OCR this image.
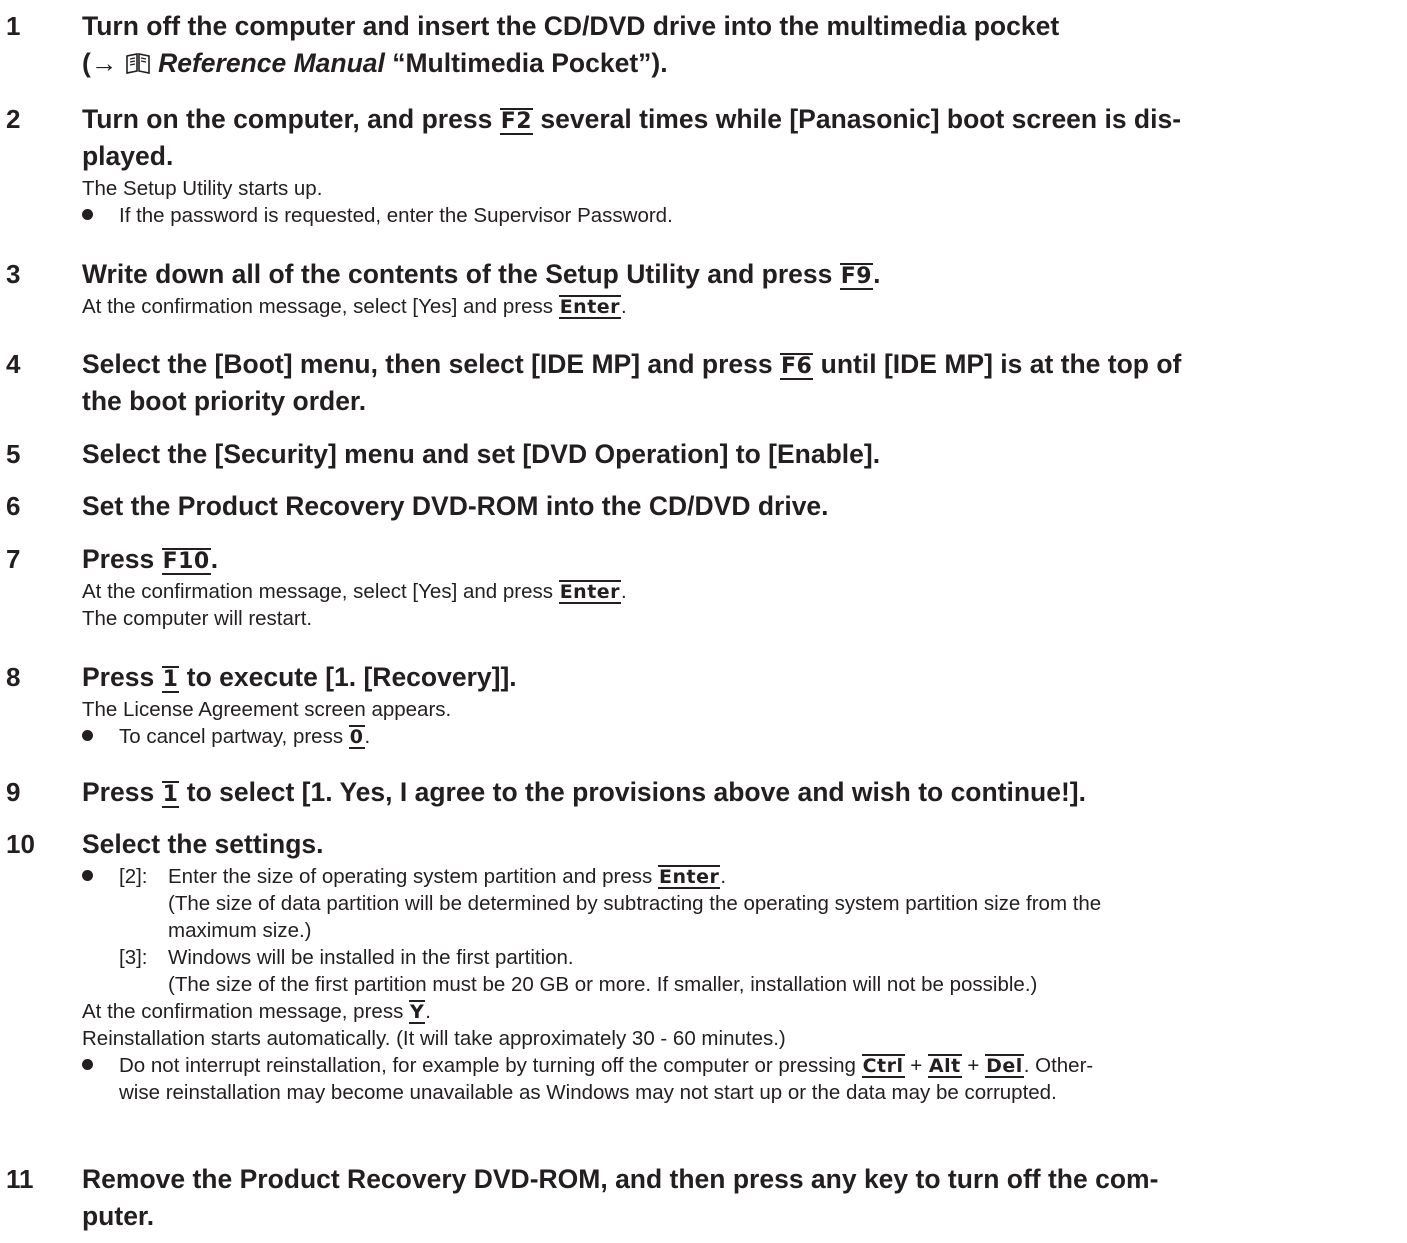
1 Turn off the computer and insert the CD/DVD drive into the multimedia pocket

(→  Reference Manual “Multimedia Pocket”).

2 Turn on the computer, and press F2 several times while [Panasonic] boot screen is dis-

played.

The Setup Utility starts up.

If the password is requested, enter the Supervisor Password.

3 Write down all of the contents of the Setup Utility and press F9.

At the confirmation message, select [Yes] and press Enter.

4 Select the [Boot] menu, then select [IDE MP] and press F6 until [IDE MP] is at the top of

the boot priority order.

5 Select the [Security] menu and set [DVD Operation] to [Enable].

6 Set the Product Recovery DVD-ROM into the CD/DVD drive.

7 Press F10.

At the confirmation message, select [Yes] and press Enter.

The computer will restart.

8 Press 1 to execute [1. [Recovery]].

The License Agreement screen appears.

To cancel partway, press 0.

9 Press 1 to select [1. Yes, I agree to the provisions above and wish to continue!].

10 Select the settings.

[2]: Enter the size of operating system partition and press Enter.

(The size of data partition will be determined by subtracting the operating system partition size from the

maximum size.)

[3]: Windows will be installed in the first partition.

(The size of the first partition must be 20 GB or more. If smaller, installation will not be possible.)

At the confirmation message, press Y.

Reinstallation starts automatically. (It will take approximately 30 - 60 minutes.)

Do not interrupt reinstallation, for example by turning off the computer or pressing Ctrl + Alt + Del. Other-

wise reinstallation may become unavailable as Windows may not start up or the data may be corrupted.

11 Remove the Product Recovery DVD-ROM, and then press any key to turn off the com-

puter.
